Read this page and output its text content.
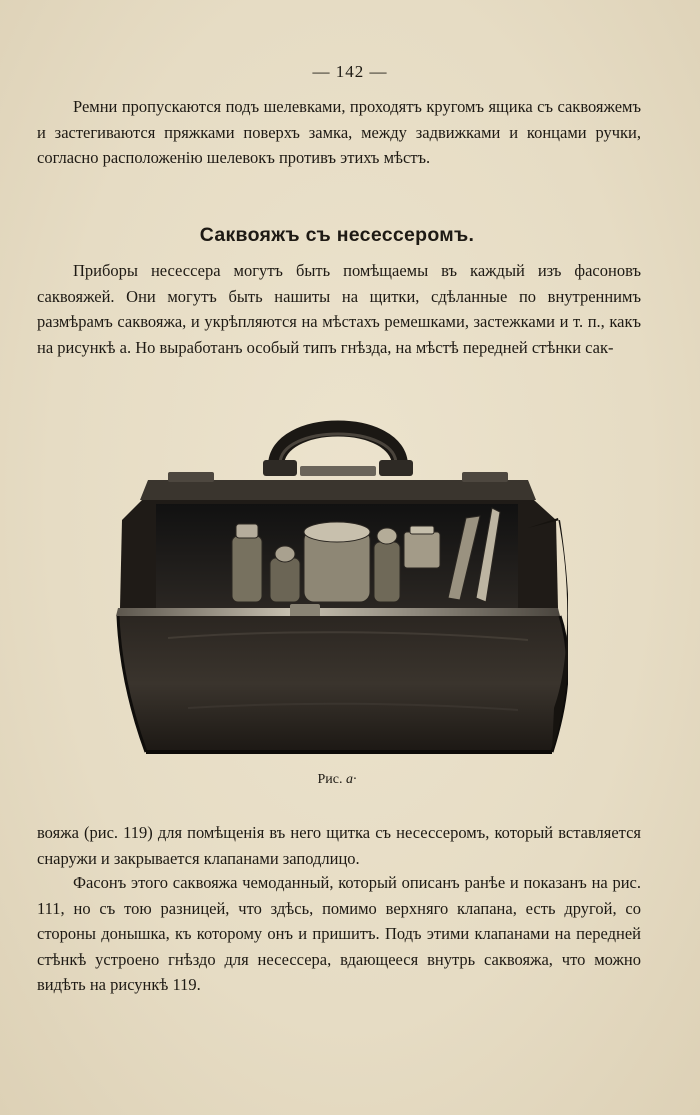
— 142 —

Ремни пропускаются подъ шелевками, проходятъ кругомъ ящика съ саквояжемъ и застегиваются пряжками поверхъ замка, между задвижками и концами ручки, согласно расположенію шелевокъ противъ этихъ мѣстъ.

Саквояжъ съ несессеромъ.

Приборы несессера могутъ быть помѣщаемы въ каждый изъ фасоновъ саквояжей. Они могутъ быть нашиты на щитки, сдѣланные по внутреннимъ размѣрамъ саквояжа, и укрѣпляются на мѣстахъ ремешками, застежками и т. п., какъ на рисункѣ а. Но выработанъ особый типъ гнѣзда, на мѣстѣ передней стѣнки сак-

Рис. а·

вояжа (рис. 119) для помѣщенія въ него щитка съ несессеромъ, который вставляется снаружи и закрывается клапанами заподлицо.

Фасонъ этого саквояжа чемоданный, который описанъ ранѣе и показанъ на рис. 111, но съ тою разницей, что здѣсь, помимо верхняго клапана, есть другой, со стороны донышка, къ которому онъ и пришитъ. Подъ этими клапанами на передней стѣнкѣ устроено гнѣздо для несессера, вдающееся внутрь саквояжа, что можно видѣть на рисункѣ 119.
